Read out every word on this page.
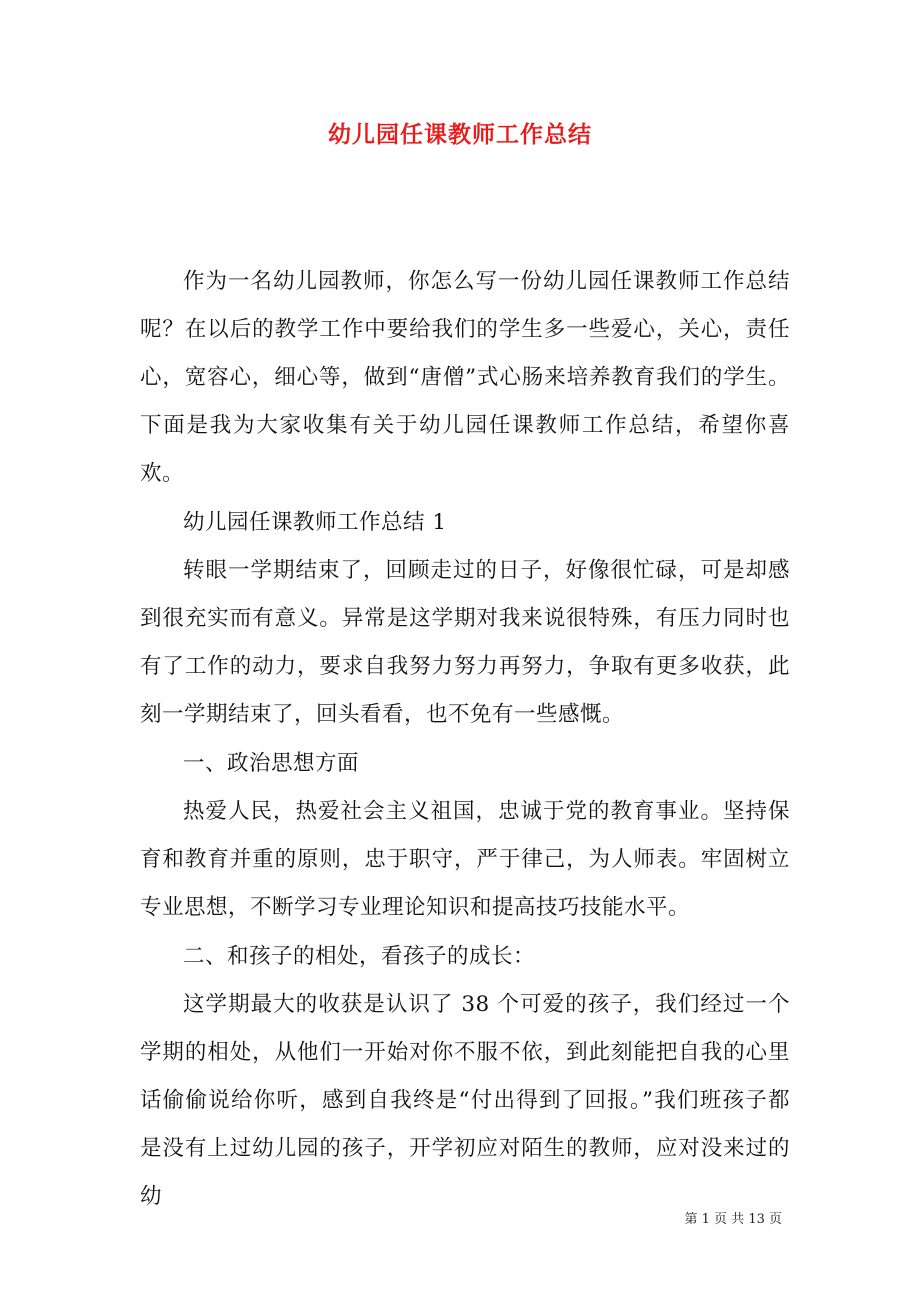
幼儿园任课教师工作总结

作为一名幼儿园教师，你怎么写一份幼儿园任课教师工作总结呢？在以后的教学工作中要给我们的学生多一些爱心，关心，责任心，宽容心，细心等，做到“唐僧”式心肠来培养教育我们的学生。下面是我为大家收集有关于幼儿园任课教师工作总结，希望你喜欢。

幼儿园任课教师工作总结 1

转眼一学期结束了，回顾走过的日子，好像很忙碌，可是却感到很充实而有意义。异常是这学期对我来说很特殊，有压力同时也有了工作的动力，要求自我努力努力再努力，争取有更多收获，此刻一学期结束了，回头看看，也不免有一些感慨。

一、政治思想方面

热爱人民，热爱社会主义祖国，忠诚于党的教育事业。坚持保育和教育并重的原则，忠于职守，严于律己，为人师表。牢固树立专业思想，不断学习专业理论知识和提高技巧技能水平。

二、和孩子的相处，看孩子的成长：

这学期最大的收获是认识了 38 个可爱的孩子，我们经过一个学期的相处，从他们一开始对你不服不依，到此刻能把自我的心里话偷偷说给你听，感到自我终是“付出得到了回报。”我们班孩子都是没有上过幼儿园的孩子，开学初应对陌生的教师，应对没来过的幼

第 1 页 共 13 页
